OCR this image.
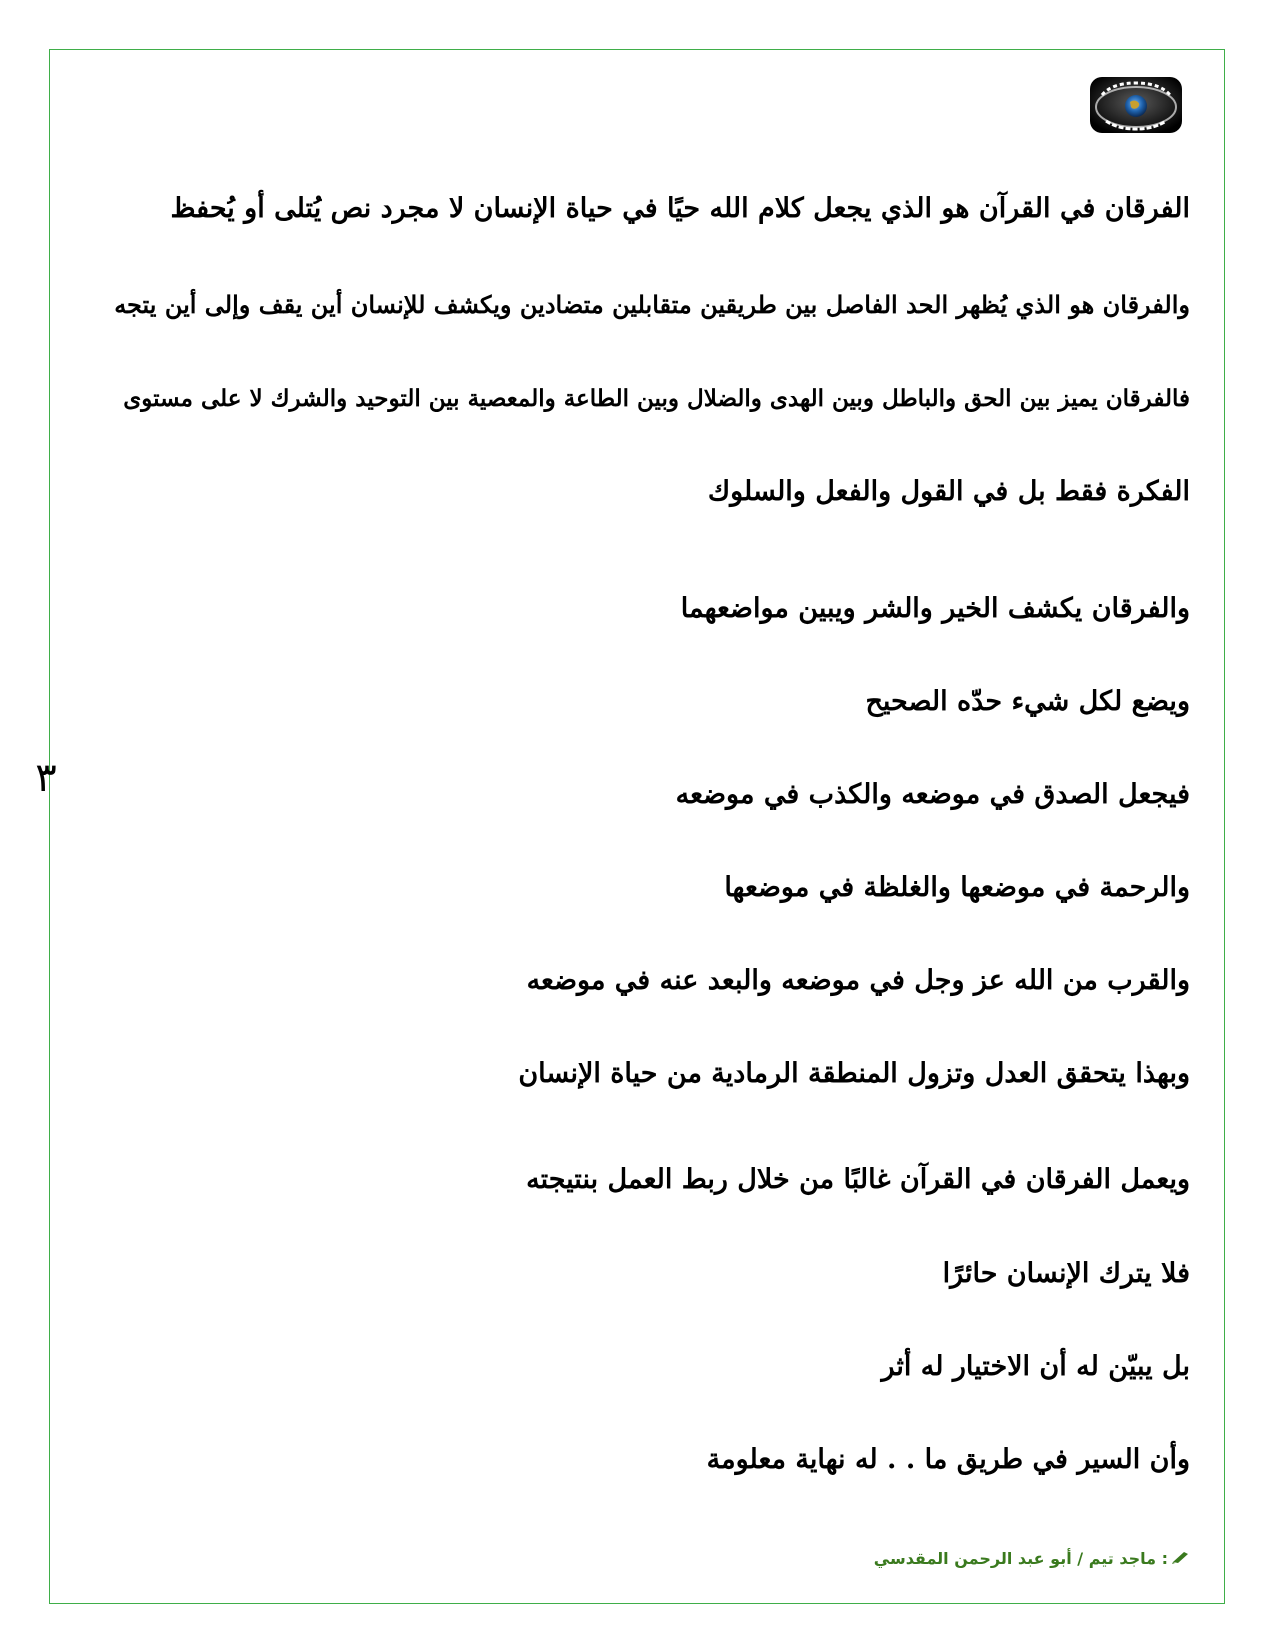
٣
الفرقان في القرآن هو الذي يجعل كلام الله حيًا في حياة الإنسان لا مجرد نص يُتلى أو يُحفظ
والفرقان هو الذي يُظهر الحد الفاصل بين طريقين متقابلين متضادين ويكشف للإنسان أين يقف وإلى أين يتجه
فالفرقان يميز بين الحق والباطل وبين الهدى والضلال وبين الطاعة والمعصية بين التوحيد والشرك لا على مستوى
الفكرة فقط بل في القول والفعل والسلوك
والفرقان يكشف الخير والشر ويبين مواضعهما
ويضع لكل شيء حدّه الصحيح
فيجعل الصدق في موضعه والكذب في موضعه
والرحمة في موضعها والغلظة في موضعها
والقرب من الله عز وجل في موضعه والبعد عنه في موضعه
وبهذا يتحقق العدل وتزول المنطقة الرمادية من حياة الإنسان
ويعمل الفرقان في القرآن غالبًا من خلال ربط العمل بنتيجته
فلا يترك الإنسان حائرًا
بل يبيّن له أن الاختيار له أثر
وأن السير في طريق ما . . له نهاية معلومة
: ماجد تيم / أبو عبد الرحمن المقدسي
